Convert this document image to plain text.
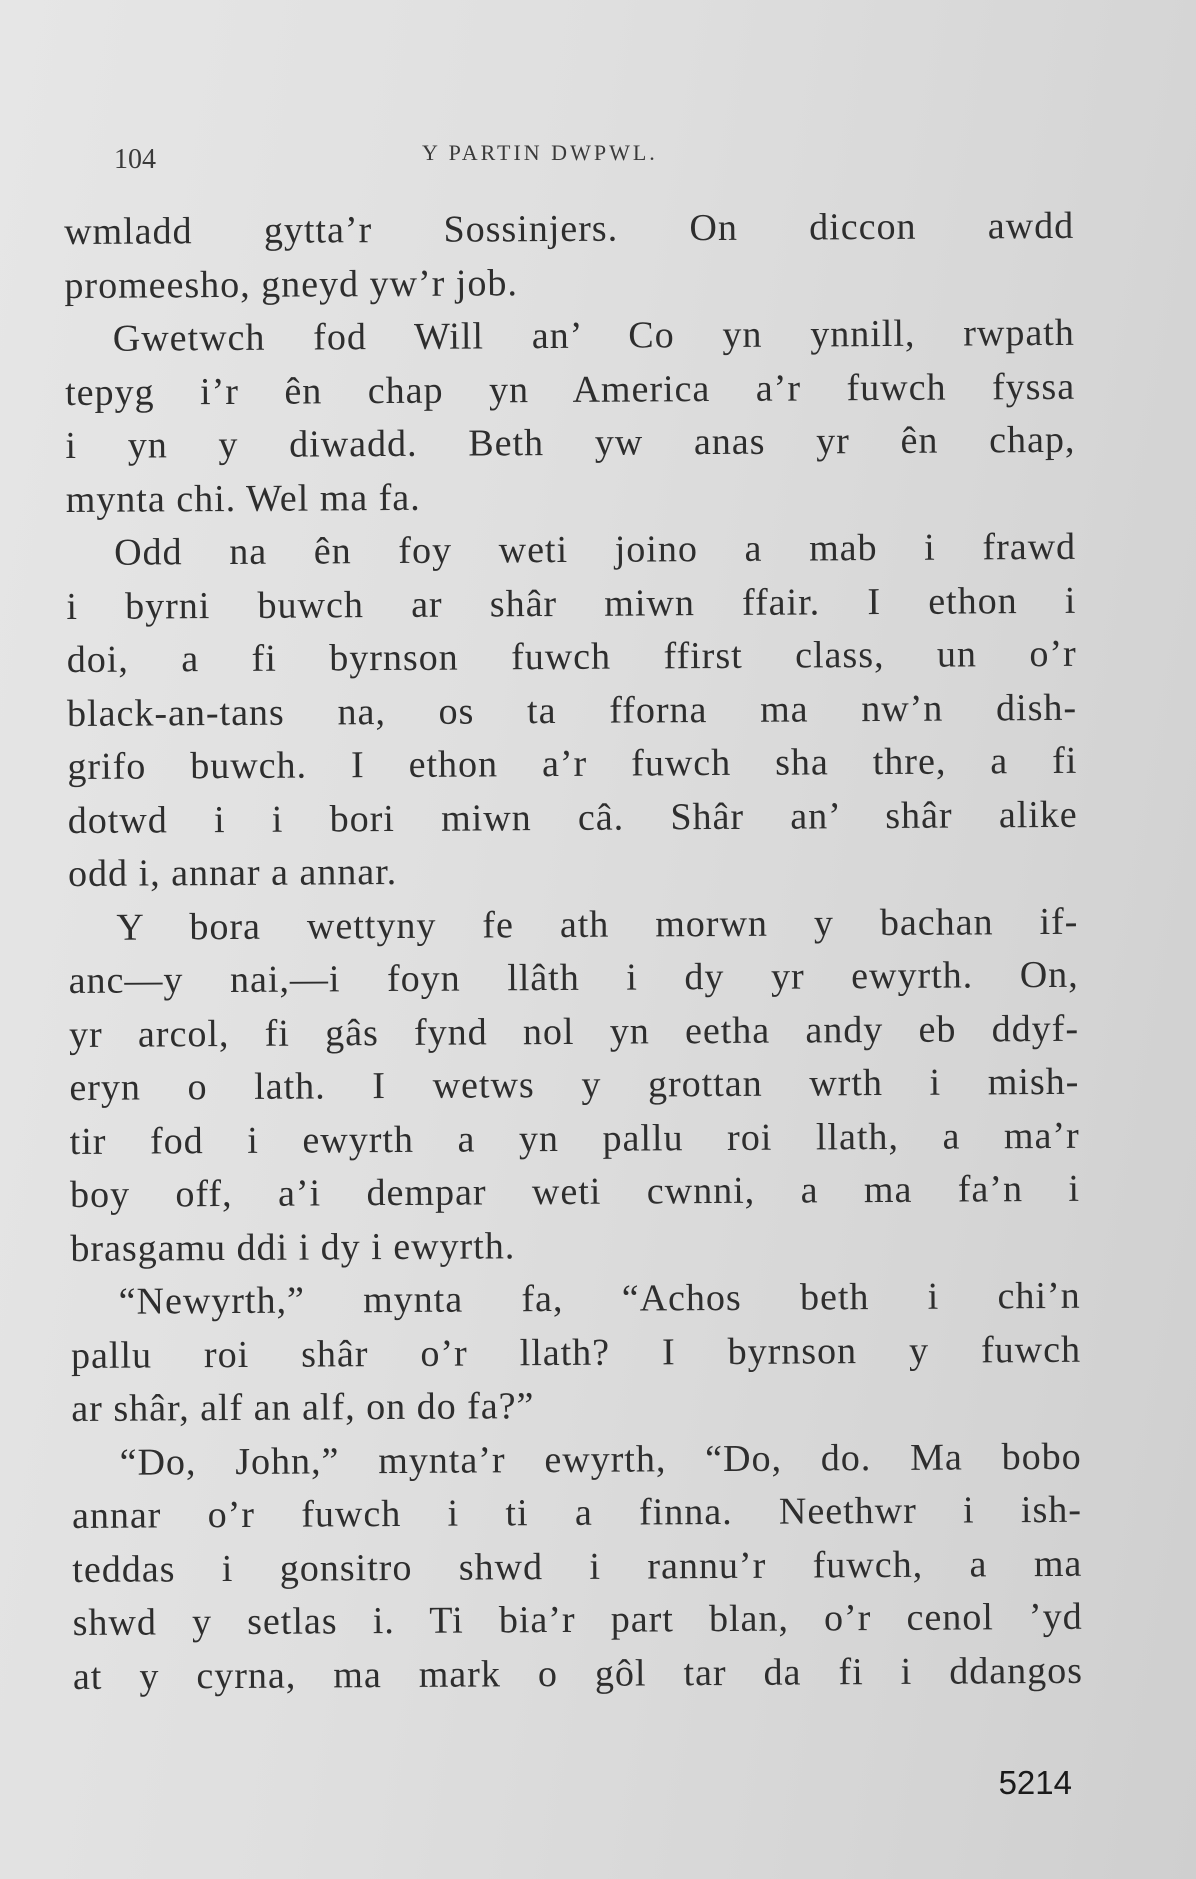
104	Y PARTIN DWPWL.
wmladd gytta’r Sossinjers. On diccon awdd
promeesho, gneyd yw’r job.
Gwetwch fod Will an’ Co yn ynnill, rwpath
tepyg i’r ên chap yn America a’r fuwch fyssa
i yn y diwadd. Beth yw anas yr ên chap,
mynta chi. Wel ma fa.
Odd na ên foy weti joino a mab i frawd
i byrni buwch ar shâr miwn ffair. I ethon i
doi, a fi byrnson fuwch ffirst class, un o’r
black-an-tans na, os ta fforna ma nw’n dish-
grifo buwch. I ethon a’r fuwch sha thre, a fi
dotwd i i bori miwn câ. Shâr an’ shâr alike
odd i, annar a annar.
Y bora wettyny fe ath morwn y bachan if-
anc—y nai,—i foyn llâth i dy yr ewyrth. On,
yr arcol, fi gâs fynd nol yn eetha andy eb ddyf-
eryn o lath. I wetws y grottan wrth i mish-
tir fod i ewyrth a yn pallu roi llath, a ma’r
boy off, a’i dempar weti cwnni, a ma fa’n i
brasgamu ddi i dy i ewyrth.
“Newyrth,” mynta fa, “Achos beth i chi’n
pallu roi shâr o’r llath? I byrnson y fuwch
ar shâr, alf an alf, on do fa?”
“Do, John,” mynta’r ewyrth, “Do, do. Ma bobo
annar o’r fuwch i ti a finna. Neethwr i ish-
teddas i gonsitro shwd i rannu’r fuwch, a ma
shwd y setlas i. Ti bia’r part blan, o’r cenol ’yd
at y cyrna, ma mark o gôl tar da fi i ddangos
5214
